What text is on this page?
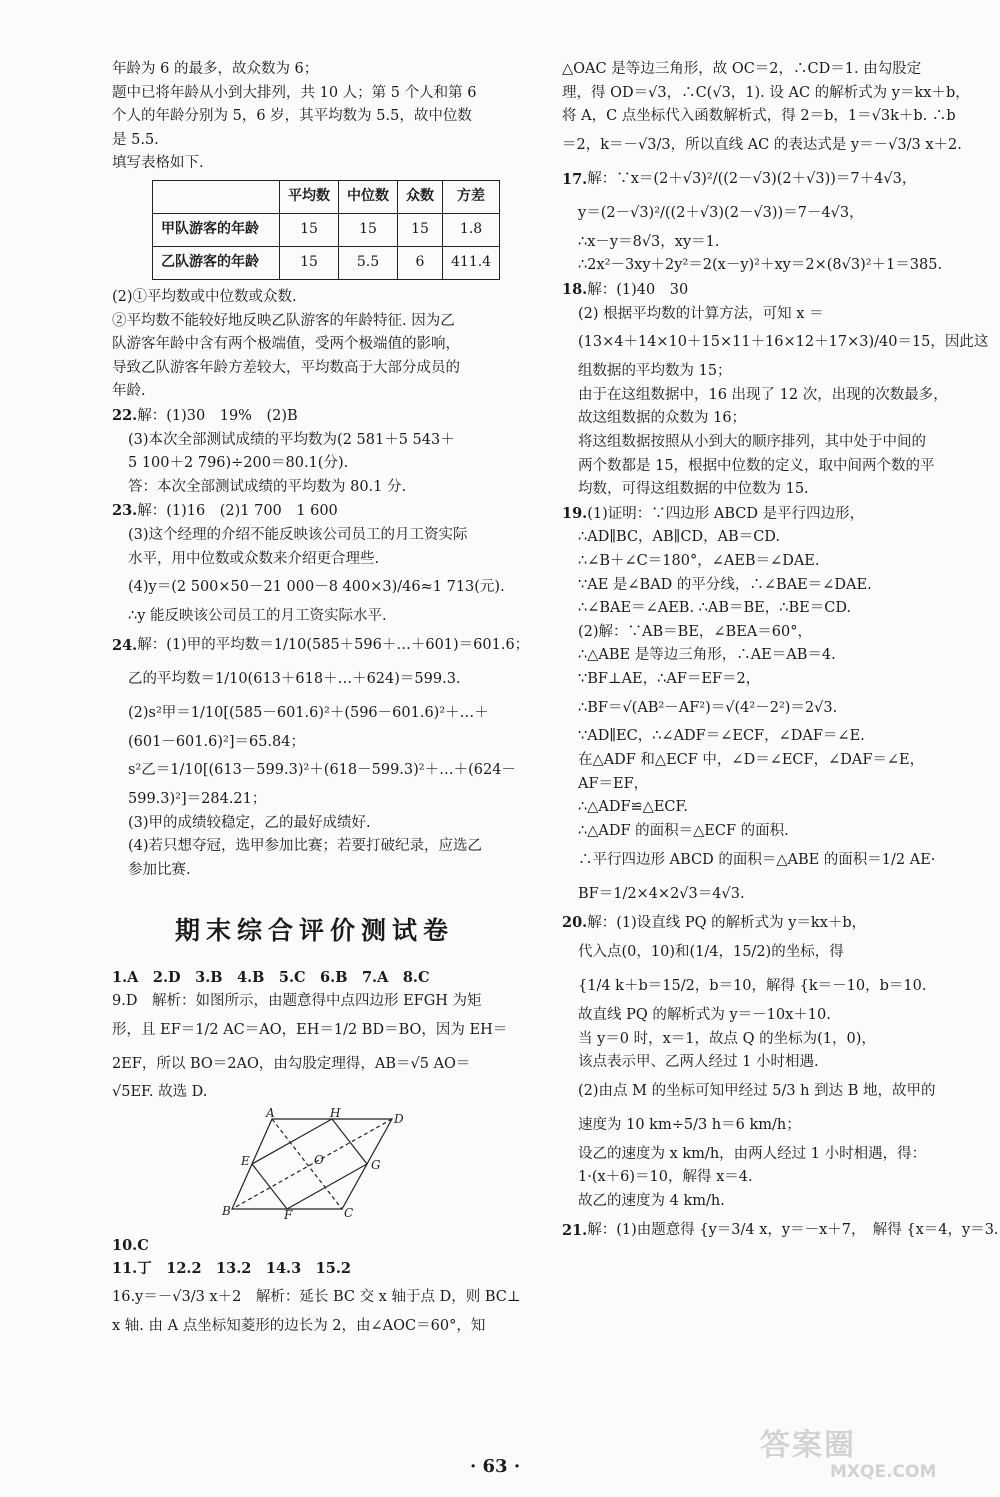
年龄为 6 的最多，故众数为 6；
题中已将年龄从小到大排列，共 10 人；第 5 个人和第 6
个人的年龄分别为 5，6 岁，其平均数为 5.5，故中位数
是 5.5.
填写表格如下.
	平均数	中位数	众数	方差
甲队游客的年龄	15	15	15	1.8
乙队游客的年龄	15	5.5	6	411.4
(2)①平均数或中位数或众数.
②平均数不能较好地反映乙队游客的年龄特征. 因为乙
队游客年龄中含有两个极端值，受两个极端值的影响，
导致乙队游客年龄方差较大，平均数高于大部分成员的
年龄.
22.解：(1)30　19%　(2)B
(3)本次全部测试成绩的平均数为(2 581＋5 543＋
5 100＋2 796)÷200＝80.1(分).
答：本次全部测试成绩的平均数为 80.1 分.
23.解：(1)16　(2)1 700　1 600
(3)这个经理的介绍不能反映该公司员工的月工资实际
水平，用中位数或众数来介绍更合理些.
(4)y＝(2 500×50－21 000－8 400×3)/46≈1 713(元).
∴y 能反映该公司员工的月工资实际水平.
24. 解：(1)甲的平均数＝1/10(585＋596＋…＋601)＝601.6；
乙的平均数＝1/10(613＋618＋…＋624)＝599.3.
(2)s²甲＝1/10[(585－601.6)²＋(596－601.6)²＋…＋
(601－601.6)²]＝65.84；
s²乙＝1/10[(613－599.3)²＋(618－599.3)²＋…＋(624－
599.3)²]＝284.21；
(3)甲的成绩较稳定，乙的最好成绩好.
(4)若只想夺冠，选甲参加比赛；若要打破纪录，应选乙
参加比赛.
期末综合评价测试卷
1.A　2.D　3.B　4.B　5.C　6.B　7.A　8.C
9.D　解析：如图所示，由题意得中点四边形 EFGH 为矩
形，且 EF＝1/2 AC＝AO，EH＝1/2 BD＝BO，因为 EH＝
2EF，所以 BO＝2AO，由勾股定理得，AB＝√5 AO＝
√5EF. 故选 D.
A	H	D
E	O	G
B	F	C
10.C
11.丁　12.2　13.2　14.3　15.2
16.y＝－√3/3 x＋2　解析：延长 BC 交 x 轴于点 D，则 BC⊥
x 轴. 由 A 点坐标知菱形的边长为 2，由∠AOC＝60°，知
△OAC 是等边三角形，故 OC＝2，∴CD＝1. 由勾股定
理，得 OD＝√3，∴C(√3，1). 设 AC 的解析式为 y＝kx＋b，
将 A，C 点坐标代入函数解析式，得 2＝b，1＝√3k＋b. ∴b
＝2，k＝－√3/3，所以直线 AC 的表达式是 y＝－√3/3 x＋2.
17. 解：∵x＝(2＋√3)²/((2－√3)(2＋√3))＝7＋4√3，
y＝(2－√3)²/((2＋√3)(2－√3))＝7－4√3，
∴x－y＝8√3，xy＝1.
∴2x²－3xy＋2y²＝2(x－y)²＋xy＝2×(8√3)²＋1＝385.
18.解：(1)40　30
(2) 根据平均数的计算方法，可知 x ＝
(13×4＋14×10＋15×11＋16×12＋17×3)/40＝15，因此这
组数据的平均数为 15；
由于在这组数据中，16 出现了 12 次，出现的次数最多，
故这组数据的众数为 16；
将这组数据按照从小到大的顺序排列，其中处于中间的
两个数都是 15，根据中位数的定义，取中间两个数的平
均数，可得这组数据的中位数为 15.
19.(1)证明：∵四边形 ABCD 是平行四边形，
∴AD∥BC，AB∥CD，AB＝CD.
∴∠B＋∠C＝180°，∠AEB＝∠DAE.
∵AE 是∠BAD 的平分线，∴∠BAE＝∠DAE.
∴∠BAE＝∠AEB. ∴AB＝BE，∴BE＝CD.
(2)解：∵AB＝BE，∠BEA＝60°，
∴△ABE 是等边三角形，∴AE＝AB＝4.
∵BF⊥AE，∴AF＝EF＝2，
∴BF＝√(AB²－AF²)＝√(4²－2²)＝2√3.
∵AD∥EC，∴∠ADF＝∠ECF，∠DAF＝∠E.
在△ADF 和△ECF 中，∠D＝∠ECF，∠DAF＝∠E，
AF＝EF，
∴△ADF≌△ECF.
∴△ADF 的面积＝△ECF 的面积.
∴平行四边形 ABCD 的面积＝△ABE 的面积＝1/2 AE·
BF＝1/2×4×2√3＝4√3.
20.解：(1)设直线 PQ 的解析式为 y＝kx＋b，
代入点(0，10)和(1/4，15/2)的坐标，得
{1/4 k＋b＝15/2，b＝10，解得 {k＝－10，b＝10.
故直线 PQ 的解析式为 y＝－10x＋10.
当 y＝0 时，x＝1，故点 Q 的坐标为(1，0)，
该点表示甲、乙两人经过 1 小时相遇.
(2)由点 M 的坐标可知甲经过 5/3 h 到达 B 地，故甲的
速度为 10 km÷5/3 h＝6 km/h；
设乙的速度为 x km/h，由两人经过 1 小时相遇，得：
1·(x＋6)＝10，解得 x＝4.
故乙的速度为 4 km/h.
21. 解：(1)由题意得 {y＝3/4 x，y＝－x＋7，　解得 {x＝4，y＝3.
· 63 ·
答案圈
MXQE.COM
